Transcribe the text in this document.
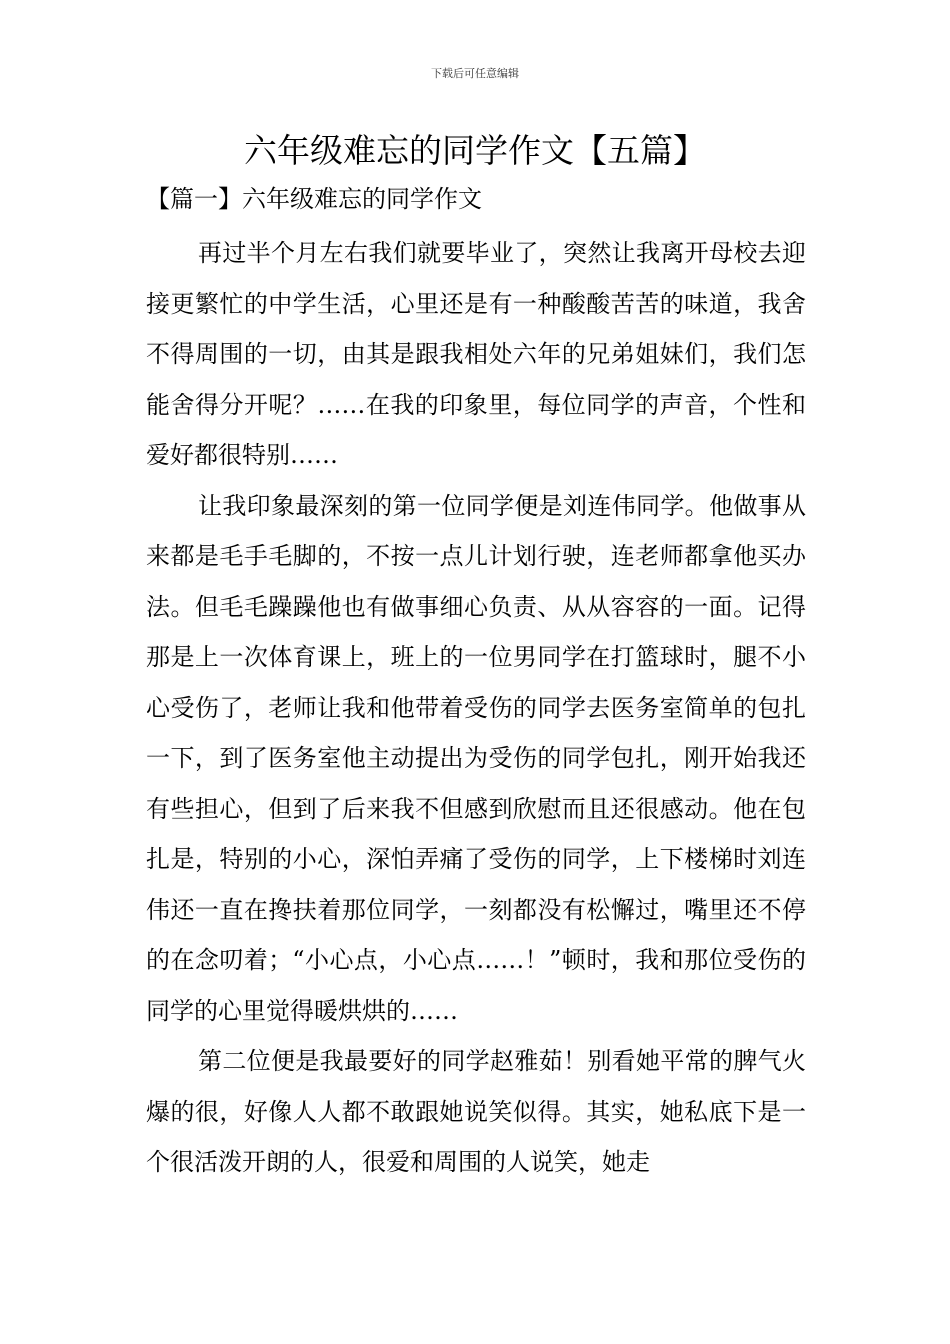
下载后可任意编辑
六年级难忘的同学作文【五篇】
【篇一】六年级难忘的同学作文

再过半个月左右我们就要毕业了，突然让我离开母校去迎接更繁忙的中学生活，心里还是有一种酸酸苦苦的味道，我舍不得周围的一切，由其是跟我相处六年的兄弟姐妹们，我们怎能舍得分开呢？……在我的印象里，每位同学的声音，个性和爱好都很特别……

让我印象最深刻的第一位同学便是刘连伟同学。他做事从来都是毛手毛脚的，不按一点儿计划行驶，连老师都拿他买办法。但毛毛躁躁他也有做事细心负责、从从容容的一面。记得那是上一次体育课上，班上的一位男同学在打篮球时，腿不小心受伤了，老师让我和他带着受伤的同学去医务室简单的包扎一下，到了医务室他主动提出为受伤的同学包扎，刚开始我还有些担心，但到了后来我不但感到欣慰而且还很感动。他在包扎是，特别的小心，深怕弄痛了受伤的同学，上下楼梯时刘连伟还一直在搀扶着那位同学，一刻都没有松懈过，嘴里还不停的在念叨着；“小心点，小心点……！”顿时，我和那位受伤的同学的心里觉得暖烘烘的……

第二位便是我最要好的同学赵雅茹！别看她平常的脾气火爆的很，好像人人都不敢跟她说笑似得。其实，她私底下是一个很活泼开朗的人，很爱和周围的人说笑，她走
